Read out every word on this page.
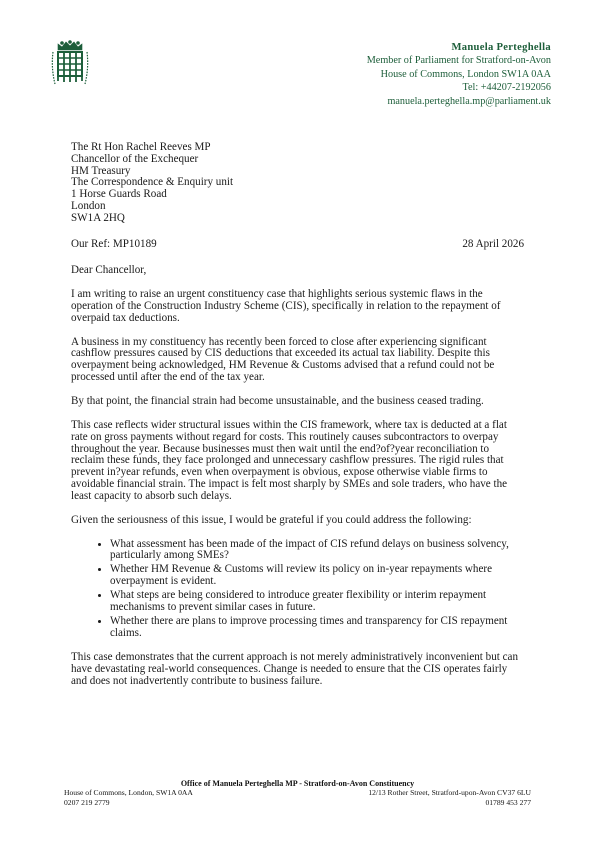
Manuela Perteghella
Member of Parliament for Stratford-on-Avon
House of Commons, London SW1A 0AA
Tel: +44207-2192056
manuela.perteghella.mp@parliament.uk
The Rt Hon Rachel Reeves MP
Chancellor of the Exchequer
HM Treasury
The Correspondence & Enquiry unit
1 Horse Guards Road
London
SW1A 2HQ
Our Ref: MP10189	28 April 2026
Dear Chancellor,

I am writing to raise an urgent constituency case that highlights serious systemic flaws in the operation of the Construction Industry Scheme (CIS), specifically in relation to the repayment of overpaid tax deductions.

A business in my constituency has recently been forced to close after experiencing significant cashflow pressures caused by CIS deductions that exceeded its actual tax liability. Despite this overpayment being acknowledged, HM Revenue & Customs advised that a refund could not be processed until after the end of the tax year.

By that point, the financial strain had become unsustainable, and the business ceased trading.

This case reflects wider structural issues within the CIS framework, where tax is deducted at a flat rate on gross payments without regard for costs. This routinely causes subcontractors to overpay throughout the year. Because businesses must then wait until the end?of?year reconciliation to reclaim these funds, they face prolonged and unnecessary cashflow pressures. The rigid rules that prevent in?year refunds, even when overpayment is obvious, expose otherwise viable firms to avoidable financial strain. The impact is felt most sharply by SMEs and sole traders, who have the least capacity to absorb such delays.

Given the seriousness of this issue, I would be grateful if you could address the following:

• What assessment has been made of the impact of CIS refund delays on business solvency, particularly among SMEs?
• Whether HM Revenue & Customs will review its policy on in-year repayments where overpayment is evident.
• What steps are being considered to introduce greater flexibility or interim repayment mechanisms to prevent similar cases in future.
• Whether there are plans to improve processing times and transparency for CIS repayment claims.

This case demonstrates that the current approach is not merely administratively inconvenient but can have devastating real-world consequences. Change is needed to ensure that the CIS operates fairly and does not inadvertently contribute to business failure.

Office of Manuela Perteghella MP - Stratford-on-Avon Constituency
House of Commons, London, SW1A 0AA	12/13 Rother Street, Stratford-upon-Avon CV37 6LU
0207 219 2779	01789 453 277
